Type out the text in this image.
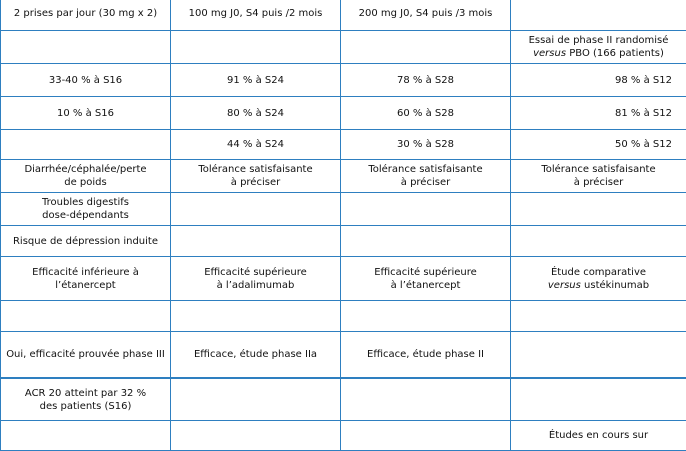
2 prises par jour (30 mg x 2)	100 mg J0, S4 puis /2 mois	200 mg J0, S4 puis /3 mois	

			Essai de phase II randomisé
versus PBO (166 patients)

33-40 % à S16	91 % à S24	78 % à S28	98 % à S12

10 % à S16	80 % à S24	60 % à S28	81 % à S12

	44 % à S24	30 % à S28	50 % à S12

Diarrhée/céphalée/perte
de poids	Tolérance satisfaisante
à préciser	Tolérance satisfaisante
à préciser	Tolérance satisfaisante
à préciser

Troubles digestifs
dose-dépendants			

Risque de dépression induite			

Efficacité inférieure à l’étanercept	Efficacité supérieure
à l’adalimumab	Efficacité supérieure
à l’étanercept	Étude comparative
versus ustékinumab

Oui, efficacité prouvée phase III	Efficace, étude phase IIa	Efficace, étude phase II	

ACR 20 atteint par 32 %
des patients (S16)			

			Études en cours sur
